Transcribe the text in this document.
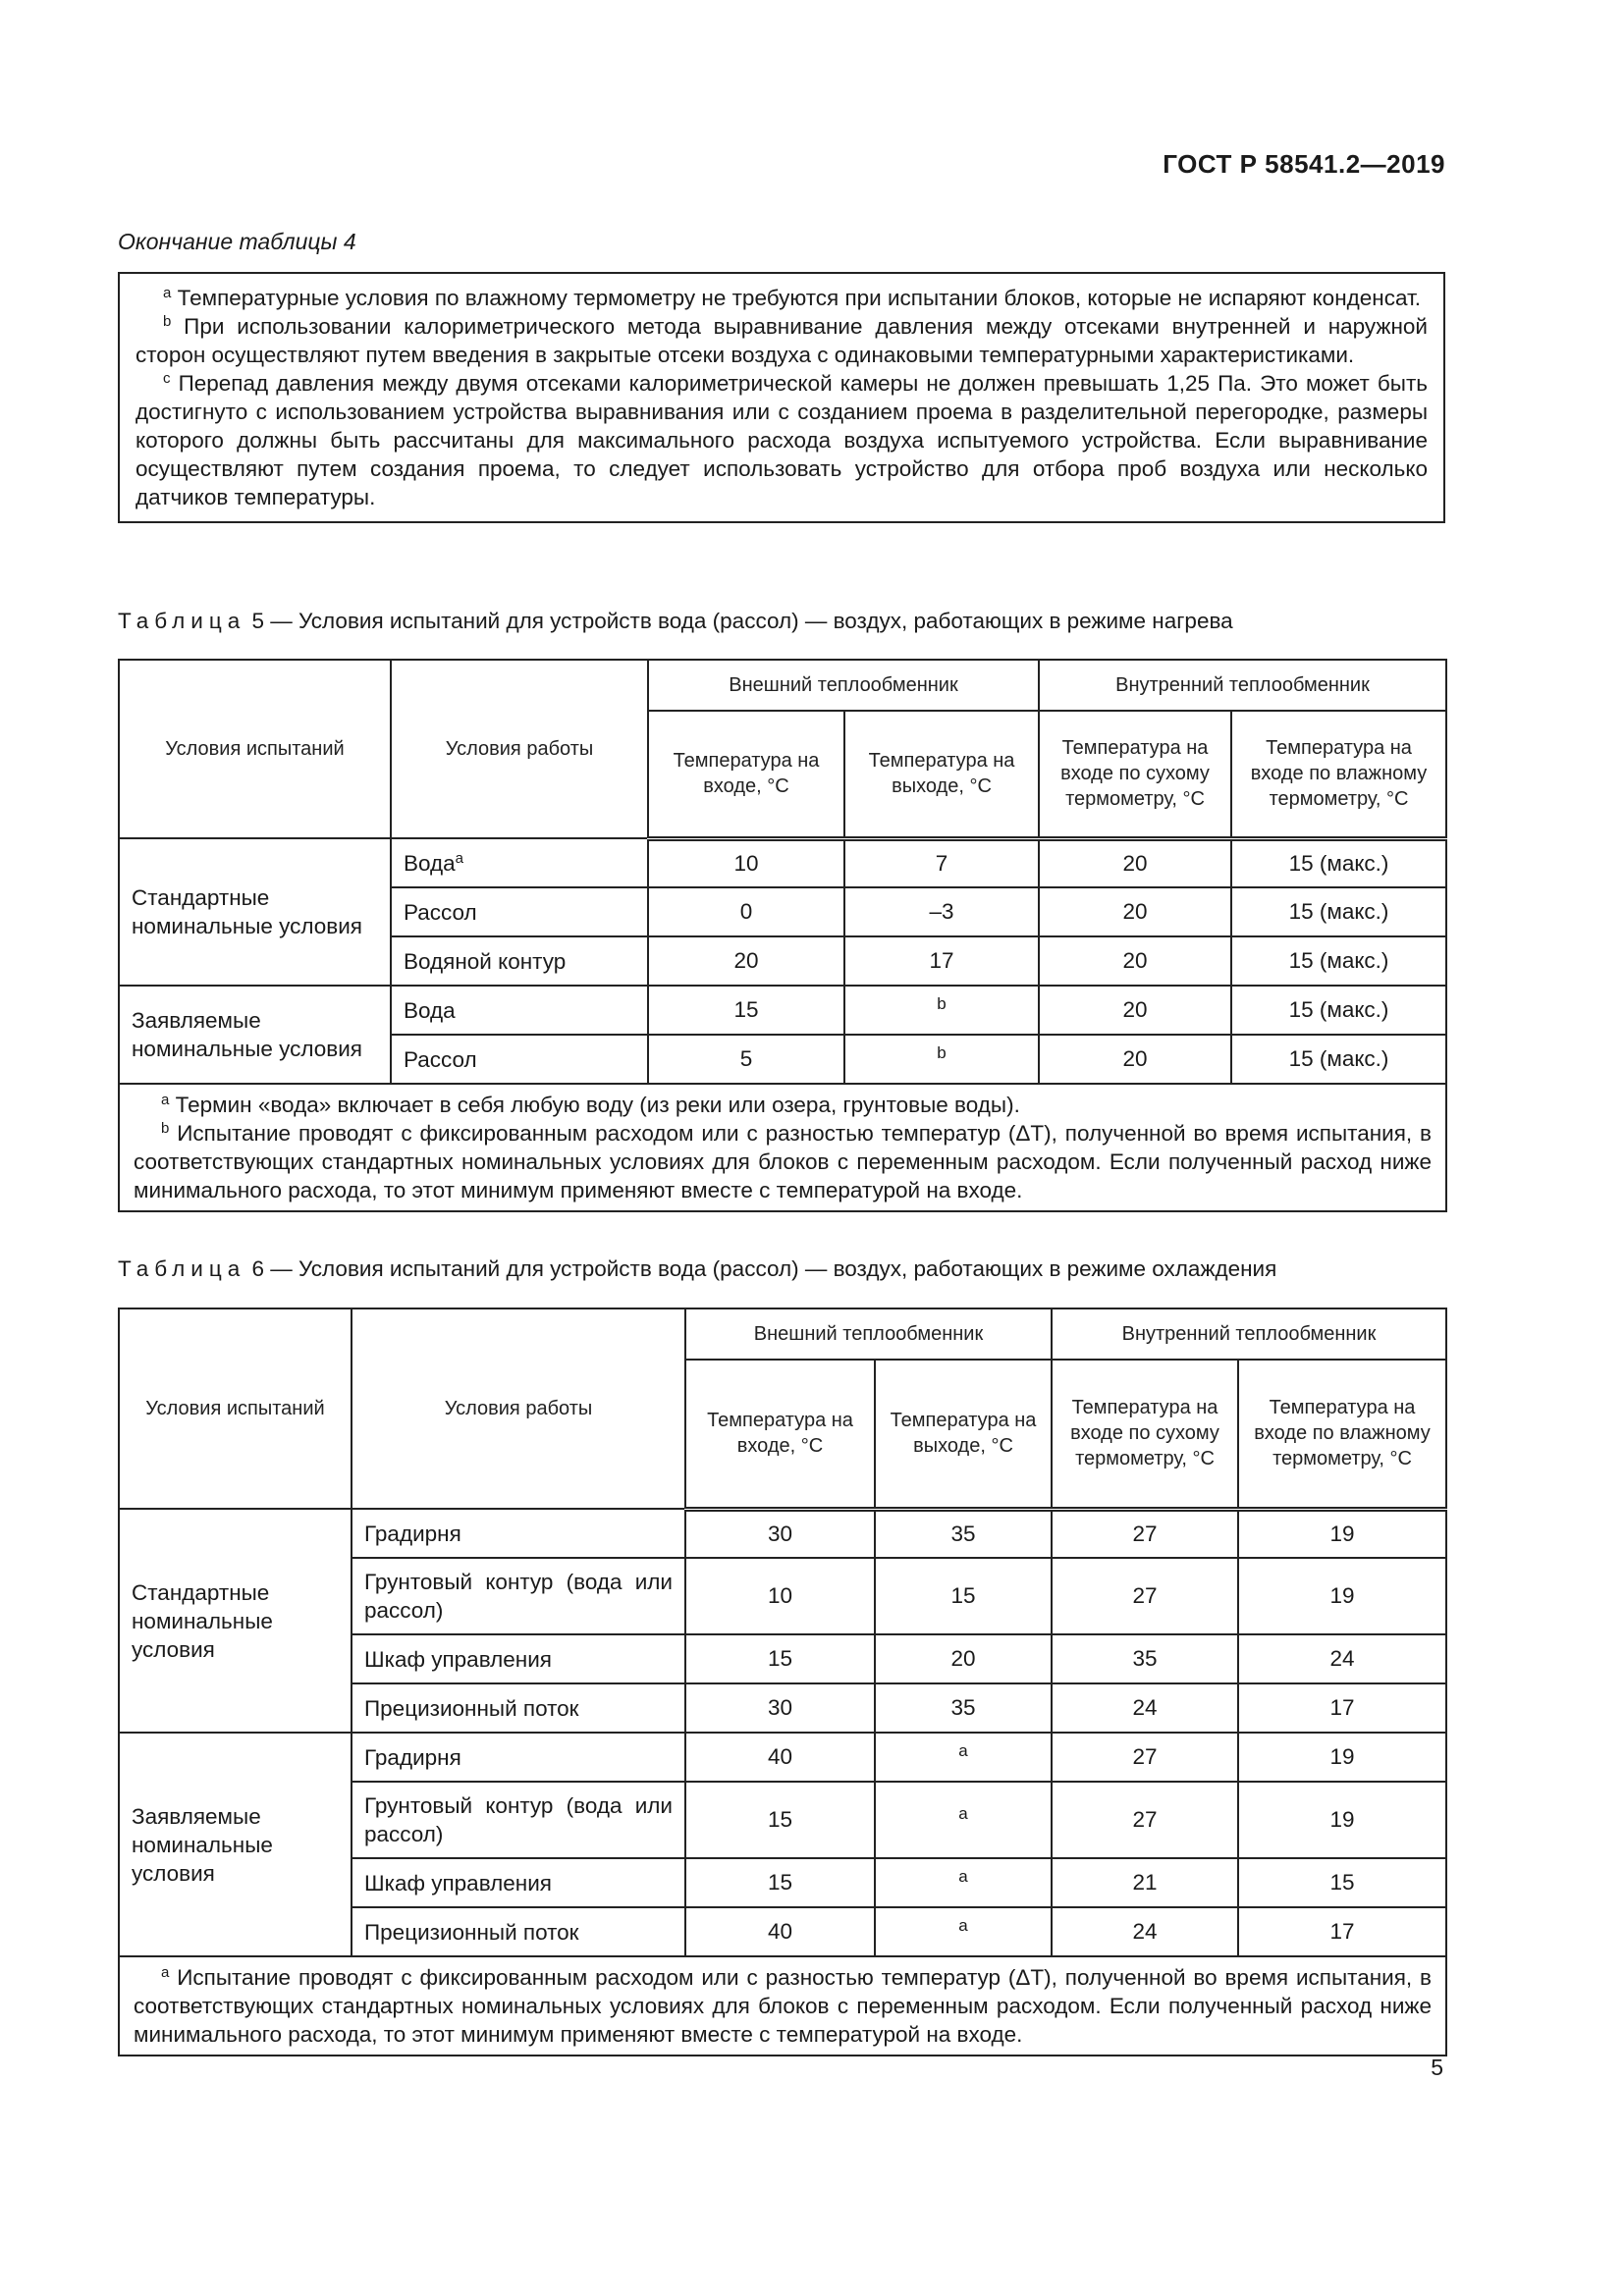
ГОСТ Р 58541.2—2019
Окончание таблицы 4

$^a$ Температурные условия по влажному термометру не требуются при испытании блоков, которые не испаряют конденсат.

$^b$ При использовании калориметрического метода выравнивание давления между отсеками внутренней и наружной сторон осуществляют путем введения в закрытые отсеки воздуха с одинаковыми температурными характеристиками.

$^c$ Перепад давления между двумя отсеками калориметрической камеры не должен превышать 1,25 Па. Это может быть достигнуто с использованием устройства выравнивания или с созданием проема в разделительной перегородке, размеры которого должны быть рассчитаны для максимального расхода воздуха испытуемого устройства. Если выравнивание осуществляют путем создания проема, то следует использовать устройство для отбора проб воздуха или несколько датчиков температуры.

Таблица 5 — Условия испытаний для устройств вода (рассол) — воздух, работающих в режиме нагрева
Условия испытаний	Условия работы	Внешний теплообменник		Внутренний теплообменник	
		Температура на входе, °C	Температура на выходе, °C	Температура на входе по сухому термометру, °C	Температура на входе по влажному термометру, °C
Стандартные номинальные условия	Вода$^a$	10	7	20	15 (макс.)
	Рассол	0	–3	20	15 (макс.)
	Водяной контур	20	17	20	15 (макс.)
Заявляемые номинальные условия	Вода	15	$^b$	20	15 (макс.)
	Рассол	5	$^b$	20	15 (макс.)

$^a$ Термин «вода» включает в себя любую воду (из реки или озера, грунтовые воды).

$^b$ Испытание проводят с фиксированным расходом или с разностью температур (ΔT), полученной во время испытания, в соответствующих стандартных номинальных условиях для блоков с переменным расходом. Если полученный расход ниже минимального расхода, то этот минимум применяют вместе с температурой на входе.					

Таблица 6 — Условия испытаний для устройств вода (рассол) — воздух, работающих в режиме охлаждения
Условия испытаний	Условия работы	Внешний теплообменник		Внутренний теплообменник	
		Температура на входе, °C	Температура на выходе, °C	Температура на входе по сухому термометру, °C	Температура на входе по влажному термометру, °C
Стандартные номинальные условия	Градирня	30	35	27	19
	Грунтовый контур (вода или рассол)	10	15	27	19
	Шкаф управления	15	20	35	24
	Прецизионный поток	30	35	24	17
Заявляемые номинальные условия	Градирня	40	$^a$	27	19
	Грунтовый контур (вода или рассол)	15	$^a$	27	19
	Шкаф управления	15	$^a$	21	15
	Прецизионный поток	40	$^a$	24	17

$^a$ Испытание проводят с фиксированным расходом или с разностью температур (ΔT), полученной во время испытания, в соответствующих стандартных номинальных условиях для блоков с переменным расходом. Если полученный расход ниже минимального расхода, то этот минимум применяют вместе с температурой на входе.					

5
